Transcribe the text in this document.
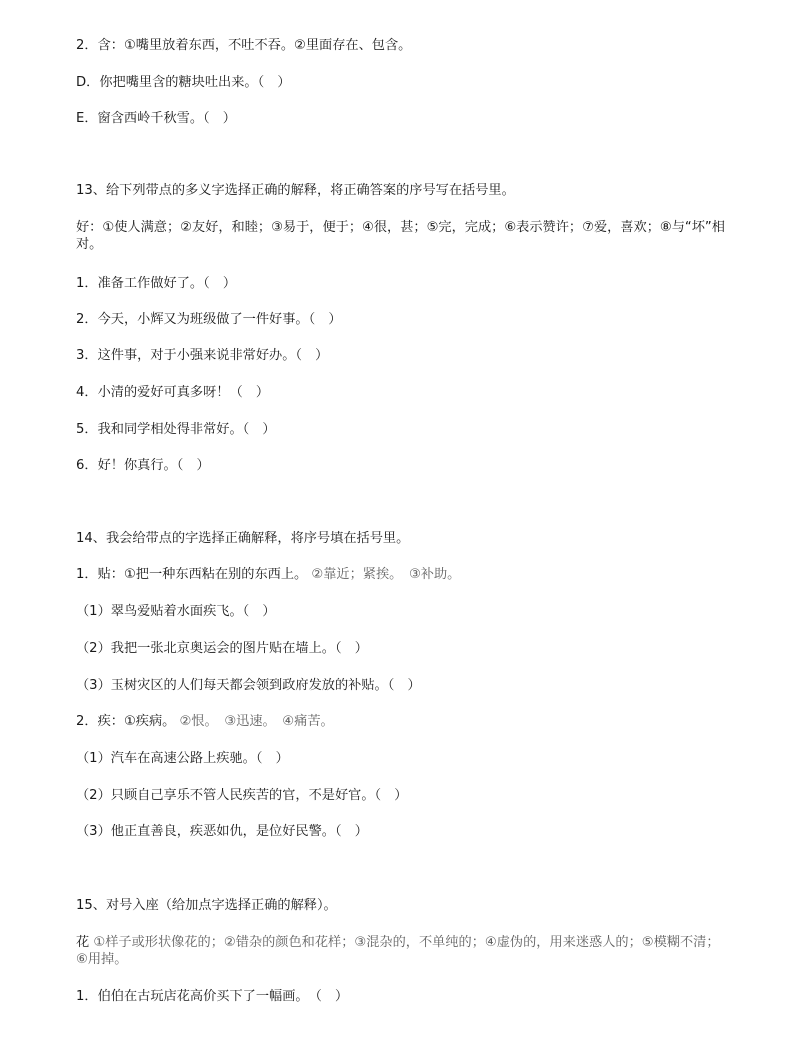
2．含：①嘴里放着东西，不吐不吞。②里面存在、包含。
D．你把嘴里含的糖块吐出来。（　）
E．窗含西岭千秋雪。（　）
13、给下列带点的多义字选择正确的解释，将正确答案的序号写在括号里。
好：①使人满意；②友好，和睦；③易于，便于；④很，甚；⑤完，完成；⑥表示赞许；⑦爱，喜欢；⑧与“坏”相对。
1．准备工作做好了。（　）
2．今天，小辉又为班级做了一件好事。（　）
3．这件事，对于小强来说非常好办。（　）
4．小清的爱好可真多呀！（　）
5．我和同学相处得非常好。（　）
6．好！你真行。（　）
14、我会给带点的字选择正确解释，将序号填在括号里。
1．贴：①把一种东西粘在别的东西上。 ②靠近；紧挨。　③补助。
（1）翠鸟爱贴着水面疾飞。（　）
（2）我把一张北京奥运会的图片贴在墙上。（　）
（3）玉树灾区的人们每天都会领到政府发放的补贴。（　）
2．疾：①疾病。 ②恨。　③迅速。　④痛苦。
（1）汽车在高速公路上疾驰。（　）
（2）只顾自己享乐不管人民疾苦的官，不是好官。（　）
（3）他正直善良，疾恶如仇，是位好民警。（　）
15、对号入座（给加点字选择正确的解释）。
花 ①样子或形状像花的；②错杂的颜色和花样；③混杂的，不单纯的；④虚伪的，用来迷惑人的；⑤模糊不清；⑥用掉。
1．伯伯在古玩店花高价买下了一幅画。　（　）
